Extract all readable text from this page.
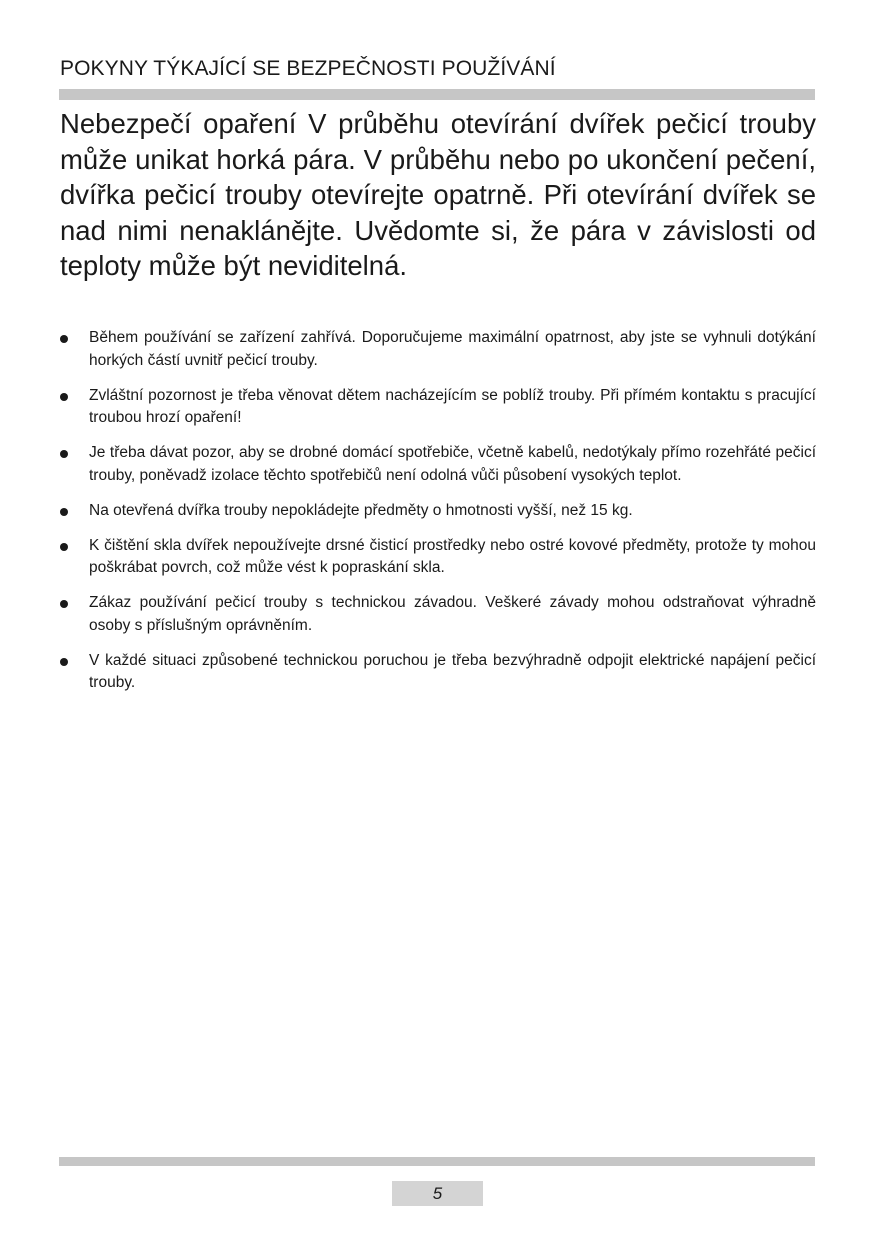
POKYNY TÝKAJÍCÍ SE BEZPEČNOSTI POUŽÍVÁNÍ

Nebezpečí opaření V průběhu otevírání dvířek pečicí trouby může unikat horká pára. V průběhu nebo po ukončení pečení, dvířka pečicí trouby otevírejte opatrně. Při otevírání dvířek se nad nimi nenaklánějte. Uvědomte si, že pára v závislosti od teploty může být neviditelná.

Během používání se zařízení zahřívá. Doporučujeme maximální opatrnost, aby jste se vyhnuli dotýkání horkých částí uvnitř pečicí trouby.
Zvláštní pozornost je třeba věnovat dětem nacházejícím se poblíž trouby. Při přímém kontaktu s pracující troubou hrozí opaření!
Je třeba dávat pozor, aby se drobné domácí spotřebiče, včetně kabelů, nedotýkaly přímo rozehřáté pečicí trouby, poněvadž izolace těchto spotřebičů není odolná vůči působení vysokých teplot.
Na otevřená dvířka trouby nepokládejte předměty o hmotnosti vyšší, než 15 kg.
K čištění skla dvířek nepoužívejte drsné čisticí prostředky nebo ostré kovové předměty, protože ty mohou poškrábat povrch, což může vést k popraskání skla.
Zákaz používání pečicí trouby s technickou závadou. Veškeré závady mohou odstraňovat výhradně osoby s příslušným oprávněním.
V každé situaci způsobené technickou poruchou je třeba bezvýhradně odpojit elektrické napájení pečicí trouby.
5
